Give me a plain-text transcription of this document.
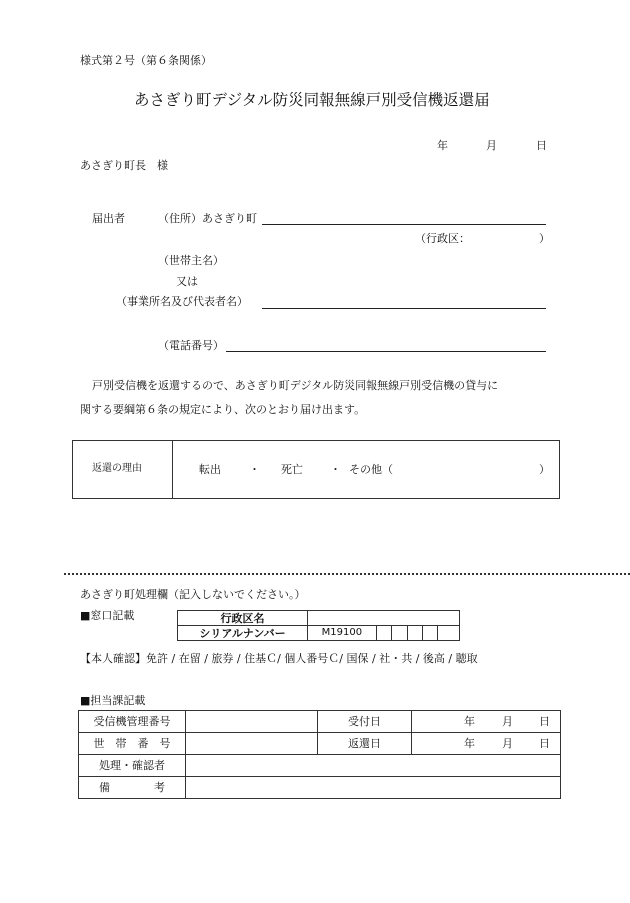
様式第２号（第６条関係）
あさぎり町デジタル防災同報無線戸別受信機返還届
年	月	日
あさぎり町長　様
届出者	（住所）あさぎり町
（行政区：	）
（世帯主名）
又は
（事業所名及び代表者名）
（電話番号）
戸別受信機を返還するので、あさぎり町デジタル防災同報無線戸別受信機の貸与に
関する要綱第６条の規定により、次のとおり届け出ます。
返還の理由	転出	・ 死亡 ・ その他（	）
あさぎり町処理欄（記入しないでください。）
■窓口記載	行政区名						
シリアルナンバー	M19100					
【本人確認】免許 / 在留 / 旅券 / 住基Ｃ/ 個人番号Ｃ/ 国保 / 社・共 / 後高 / 聴取
■担当課記載
受信機管理番号		受付日	年 月 日

世　帯　番　号		返還日	年 月 日

処理・確認者			
備　　　　考			
